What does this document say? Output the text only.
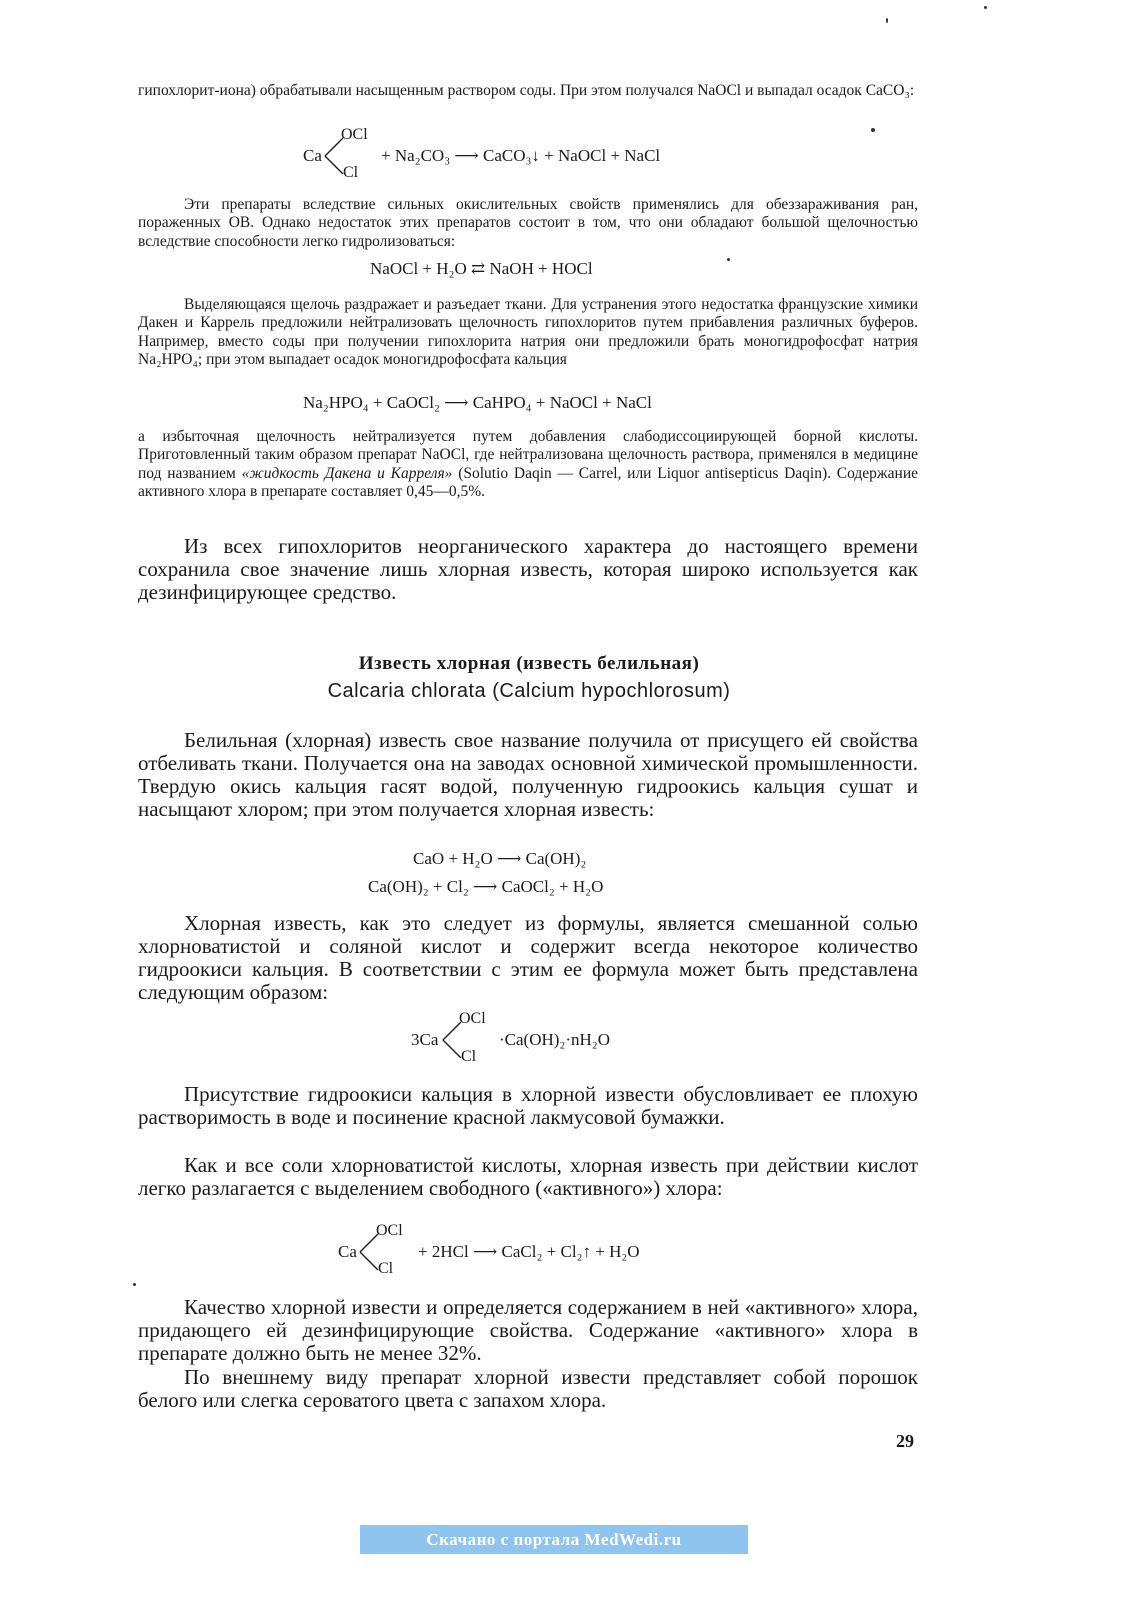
гипохлорит-иона) обрабатывали насыщенным раствором соды. При этом получался NaOCl и выпадал осадок CaCO₃:
Ca
OCl
Cl
+ Na₂CO₃ ⟶ CaCO₃↓ + NaOCl + NaCl
Эти препараты вследствие сильных окислительных свойств применялись для обеззараживания ран, пораженных ОВ. Однако недостаток этих препаратов состоит в том, что они обладают большой щелочностью вследствие способности легко гидролизоваться:
NaOCl + H₂O ⇄ NaOH + HOCl
Выделяющаяся щелочь раздражает и разъедает ткани. Для устранения этого недостатка французские химики Дакен и Каррель предложили нейтрализовать щелочность гипохлоритов путем прибавления различных буферов. Например, вместо соды при получении гипохлорита натрия они предложили брать моногидрофосфат натрия Na₂HPO₄; при этом выпадает осадок моногидрофосфата кальция
Na₂HPO₄ + CaOCl₂ ⟶ CaHPO₄ + NaOCl + NaCl
а избыточная щелочность нейтрализуется путем добавления слабодиссоциирующей борной кислоты. Приготовленный таким образом препарат NaOCl, где нейтрализована щелочность раствора, применялся в медицине под названием «жидкость Дакена и Карреля» (Solutio Daqin — Carrel, или Liquor antisepticus Daqin). Содержание активного хлора в препарате составляет 0,45—0,5%.
Из всех гипохлоритов неорганического характера до настоящего времени сохранила свое значение лишь хлорная известь, которая широко используется как дезинфицирующее средство.
Известь хлорная (известь белильная)
Calcaria chlorata (Calcium hypochlorosum)
Белильная (хлорная) известь свое название получила от присущего ей свойства отбеливать ткани. Получается она на заводах основной химической промышленности. Твердую окись кальция гасят водой, полученную гидроокись кальция сушат и насыщают хлором; при этом получается хлорная известь:
CaO + H₂O ⟶ Ca(OH)₂
Ca(OH)₂ + Cl₂ ⟶ CaOCl₂ + H₂O
Хлорная известь, как это следует из формулы, является смешанной солью хлорноватистой и соляной кислот и содержит всегда некоторое количество гидроокиси кальция. В соответствии с этим ее формула может быть представлена следующим образом:
3Ca
OCl
Cl
·Ca(OH)₂·nH₂O
Присутствие гидроокиси кальция в хлорной извести обусловливает ее плохую растворимость в воде и посинение красной лакмусовой бумажки.
Как и все соли хлорноватистой кислоты, хлорная известь при действии кислот легко разлагается с выделением свободного («активного») хлора:
Ca
OCl
Cl
+ 2HCl ⟶ CaCl₂ + Cl₂↑ + H₂O
Качество хлорной извести и определяется содержанием в ней «активного» хлора, придающего ей дезинфицирующие свойства. Содержание «активного» хлора в препарате должно быть не менее 32%.
По внешнему виду препарат хлорной извести представляет собой порошок белого или слегка сероватого цвета с запахом хлора.
29
Скачано с портала MedWedi.ru
